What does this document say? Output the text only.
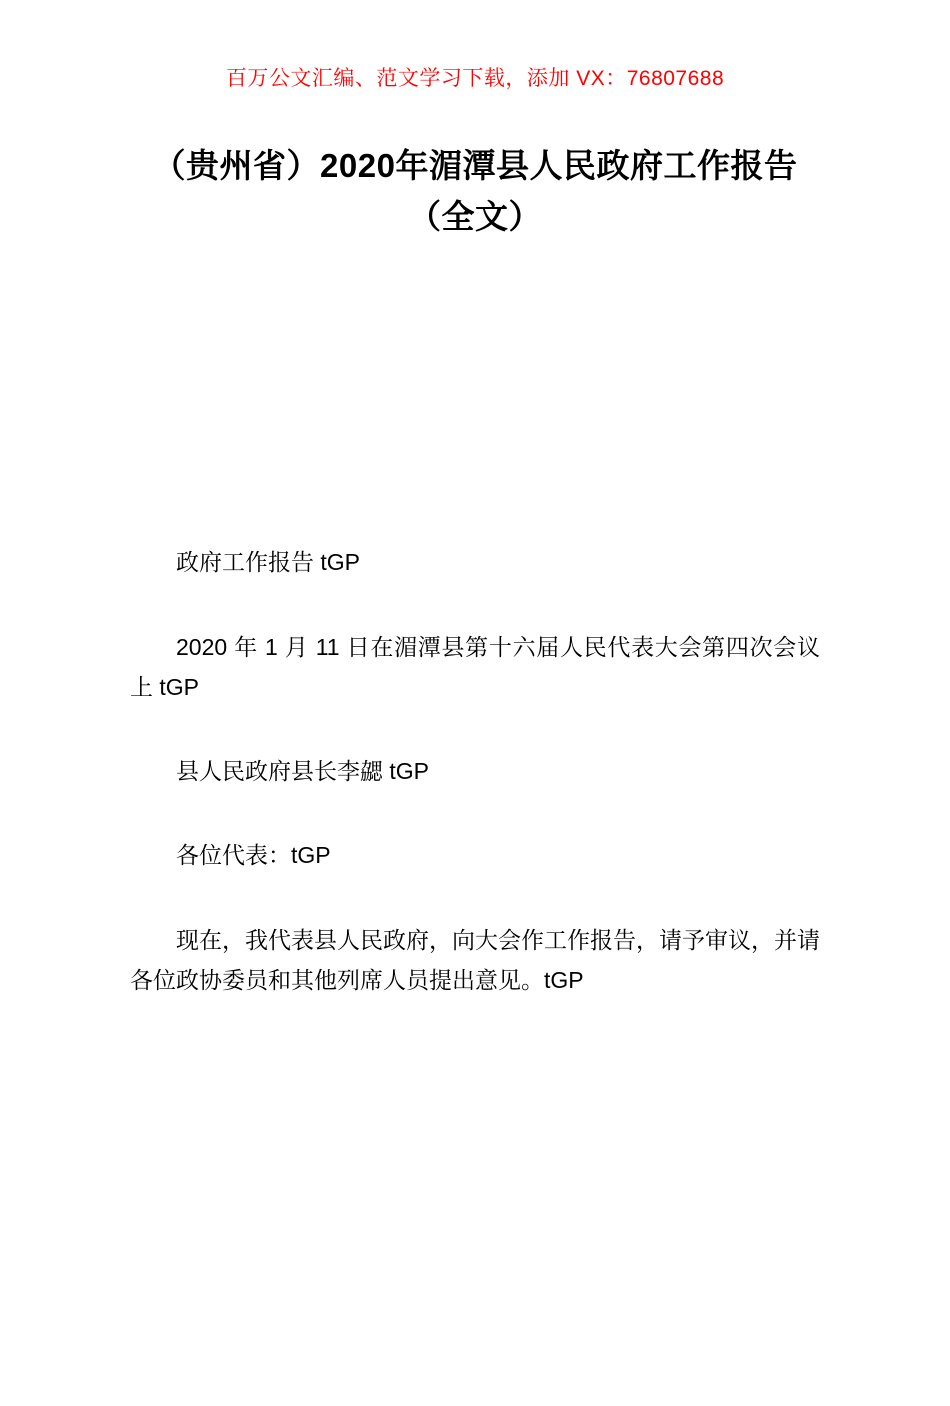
百万公文汇编、范文学习下载，添加 VX：76807688
（贵州省）2020年湄潭县人民政府工作报告（全文）

政府工作报告 tGP

2020 年 1 月 11 日在湄潭县第十六届人民代表大会第四次会议上 tGP

县人民政府县长李勰 tGP

各位代表：tGP

现在，我代表县人民政府，向大会作工作报告，请予审议，并请各位政协委员和其他列席人员提出意见。tGP
